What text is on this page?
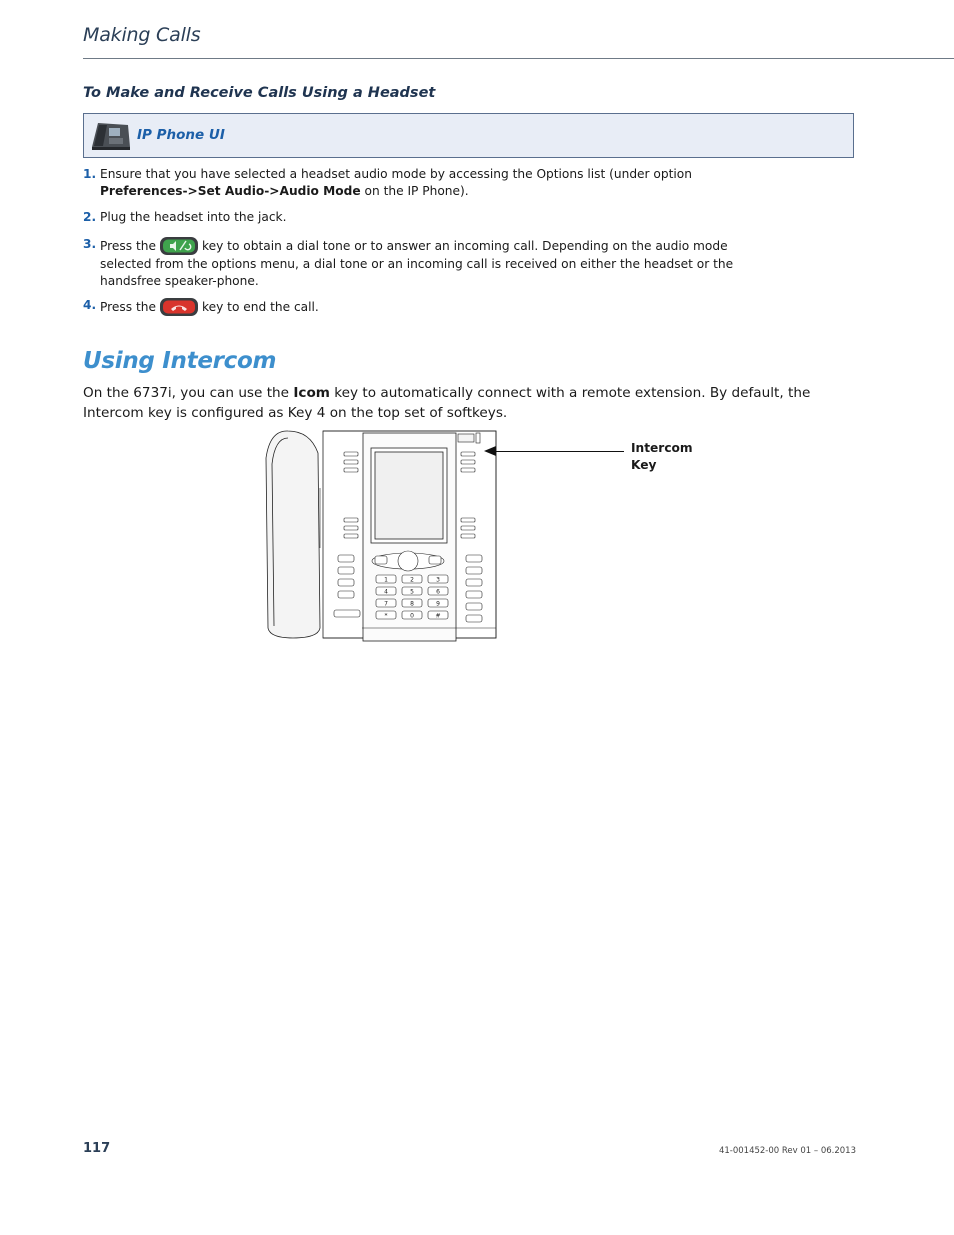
Making Calls
To Make and Receive Calls Using a Headset
IP Phone UI
1. Ensure that you have selected a headset audio mode by accessing the Options list (under option Preferences->Set Audio->Audio Mode on the IP Phone).
2. Plug the headset into the jack.
3. Press the	key to obtain a dial tone or to answer an incoming call. Depending on the audio mode selected from the options menu, a dial tone or an incoming call is received on either the headset or the handsfree speaker-phone.
4. Press the	key to end the call.
Using Intercom
On the 6737i, you can use the Icom key to automatically connect with a remote extension. By default, the Intercom key is configured as Key 4 on the top set of softkeys.
1	2	3
4	5	6
7	8	9
*	0	#
Intercom
Key
117	41-001452-00 Rev 01 – 06.2013
